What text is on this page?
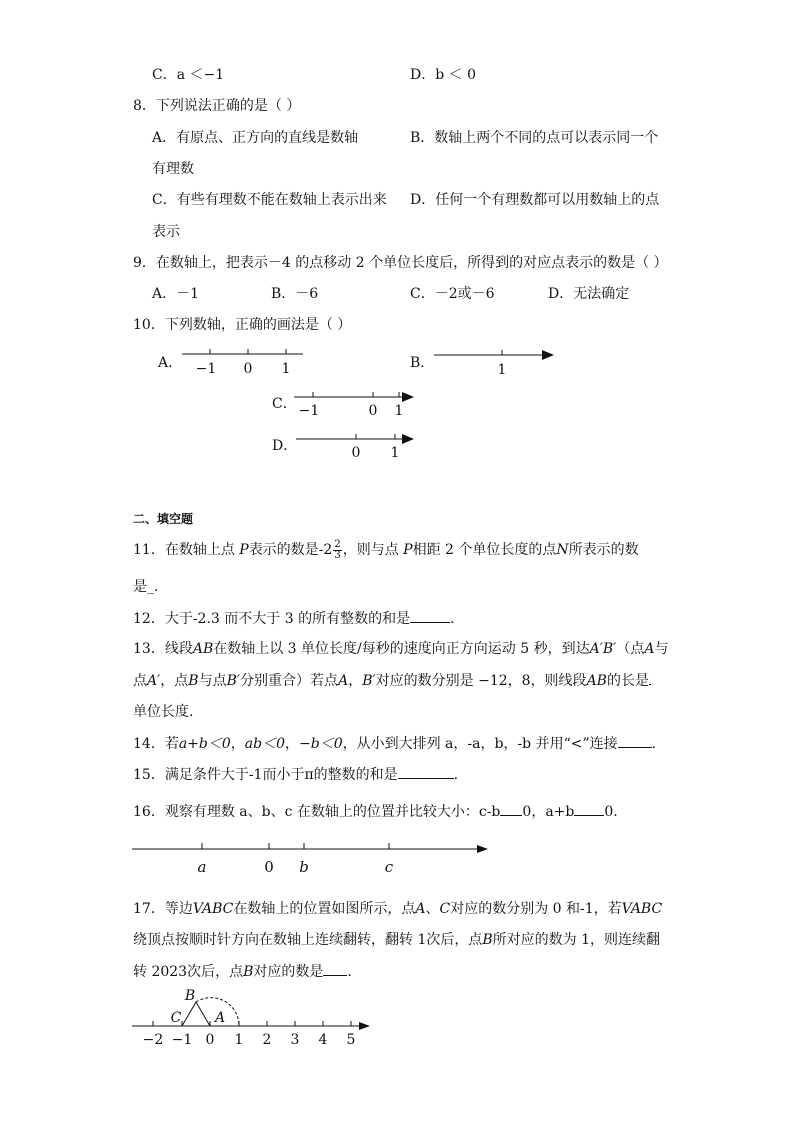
C．a ＜−1	D．b ＜ 0
8．下列说法正确的是（ ）
A．有原点、正方向的直线是数轴	B．数轴上两个不同的点可以表示同一个
有理数
C．有些有理数不能在数轴上表示出来 D．任何一个有理数都可以用数轴上的点
表示
9．在数轴上，把表示－4 的点移动 2 个单位长度后，所得到的对应点表示的数是（ ）
A．－1	B．－6	C．－2或－6	D．无法确定
10．下列数轴，正确的画法是（ ）
A． −1 0 1	B．	1
C． −1	0 1
D．	0 1
二、填空题
11．在数轴上点 P表示的数是$-2 \frac{2}{3}$ ，则与点 P相距 2 个单位长度的点N所表示的数
是_.
12．大于-2.3 而不大于 3 的所有整数的和是	.
13．线段AB在数轴上以 3 单位长度/每秒的速度向正方向运动 5 秒，到达A′B′（点A与
点A′，点B与点B′分别重合）若点A，B′对应的数分别是 −12，8，则线段AB的长是
单位长度.
14．若a+b＜0，ab＜0，−b＜0，从小到大排列 a，-a，b，-b 并用“<”连接 .
15．满足条件大于-1而小于π的整数的和是	.
16．观察有理数 a、b、c 在数轴上的位置并比较大小：c-b 0，a+b 0.
a	0 b	c
17．等边VABC在数轴上的位置如图所示，点A、C对应的数分别为 0 和-1，若VABC
绕顶点按顺时针方向在数轴上连续翻转，翻转 1次后，点B所对应的数为 1，则连续翻
转 2023次后，点B对应的数是 .
B
C A
−2 −1 0 1 2 3 4 5
